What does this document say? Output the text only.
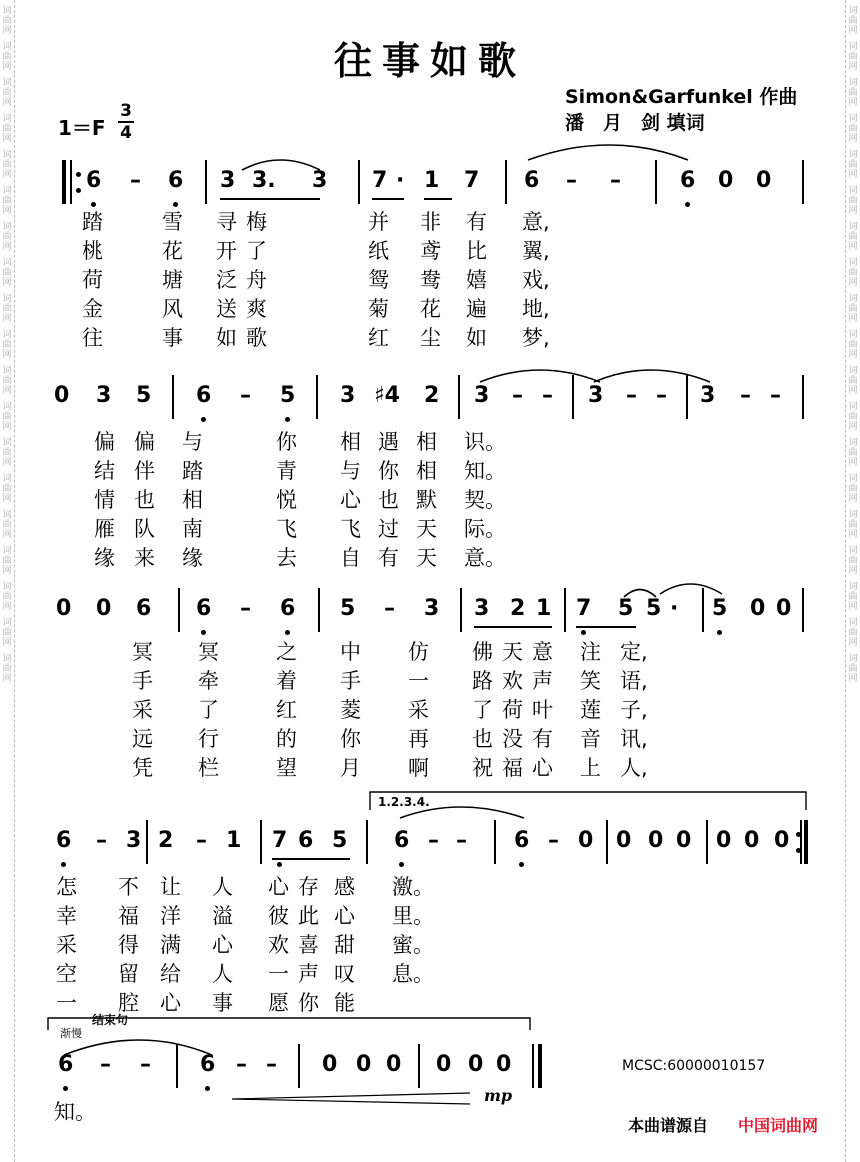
词
曲
网
词
曲
网
词
曲
网
词
曲
网
词
曲
网
词
曲
网
词
曲
网
词
曲
网
词
曲
网
词
曲
网
词
曲
网
词
曲
网
词
曲
网
词
曲
网
词
曲
网
词
曲
网
词
曲
网
词
曲
网
词
曲
网
词
曲
网
词
曲
网
词
曲
网
词
曲
网
词
曲
网
词
曲
网
词
曲
网
词
曲
网
词
曲
网
词
曲
网
词
曲
网
词
曲
网
词
曲
网
词
曲
网
词
曲
网
词
曲
网
词
曲
网
词
曲
网
词
曲
网
往事如歌
Simon&Garfunkel 作曲
潘　月　剑 填词
1＝F
3
4
6 – 6 3 3. 3 7 · 1 7 6 – –	6 0 0
0 3 5 6 – 5 3 ♯4 2 3 – – 3 – – 3 – –
0 0 6 6 – 6 5 – 3 3 2 1 7 5 5 · 5 0 0
6 – 3 2 – 1 7 6 5 6 – – 6 – 0 0 0 0 0 0 0
6 – – 6 – – 0 0 0 0 0 0
踏	雪 寻 梅	并 非 有 意,
桃	花 开 了	纸 鸢 比 翼,
荷	塘 泛 舟	鸳 鸯 嬉 戏,
金	风 送 爽	菊 花 遍 地,
往	事 如 歌	红 尘 如 梦,
偏 偏 与	你 相 遇 相 识。
结 伴 踏	青 与 你 相 知。
情 也 相	悦 心 也 默 契。
雁 队 南	飞 飞 过 天 际。
缘 来 缘	去 自 有 天 意。
冥 冥	之 中 仿 佛 天 意 注 定,
手 牵	着 手 一 路 欢 声 笑 语,
采 了	红 菱 采 了 荷 叶 莲 子,
远 行	的 你 再 也 没 有 音 讯,
凭 栏	望 月 啊 祝 福 心 上 人,
怎 不 让 人 心 存 感 激。
幸 福 洋 溢 彼 此 心 里。
采 得 满 心 欢 喜 甜 蜜。
空 留 给 人 一 声 叹 息。
一 腔 心 事 愿 你 能
1.2.3.4.
结束句
渐慢
知。
mp
MCSC:60000010157
本曲谱源自 中国词曲网
